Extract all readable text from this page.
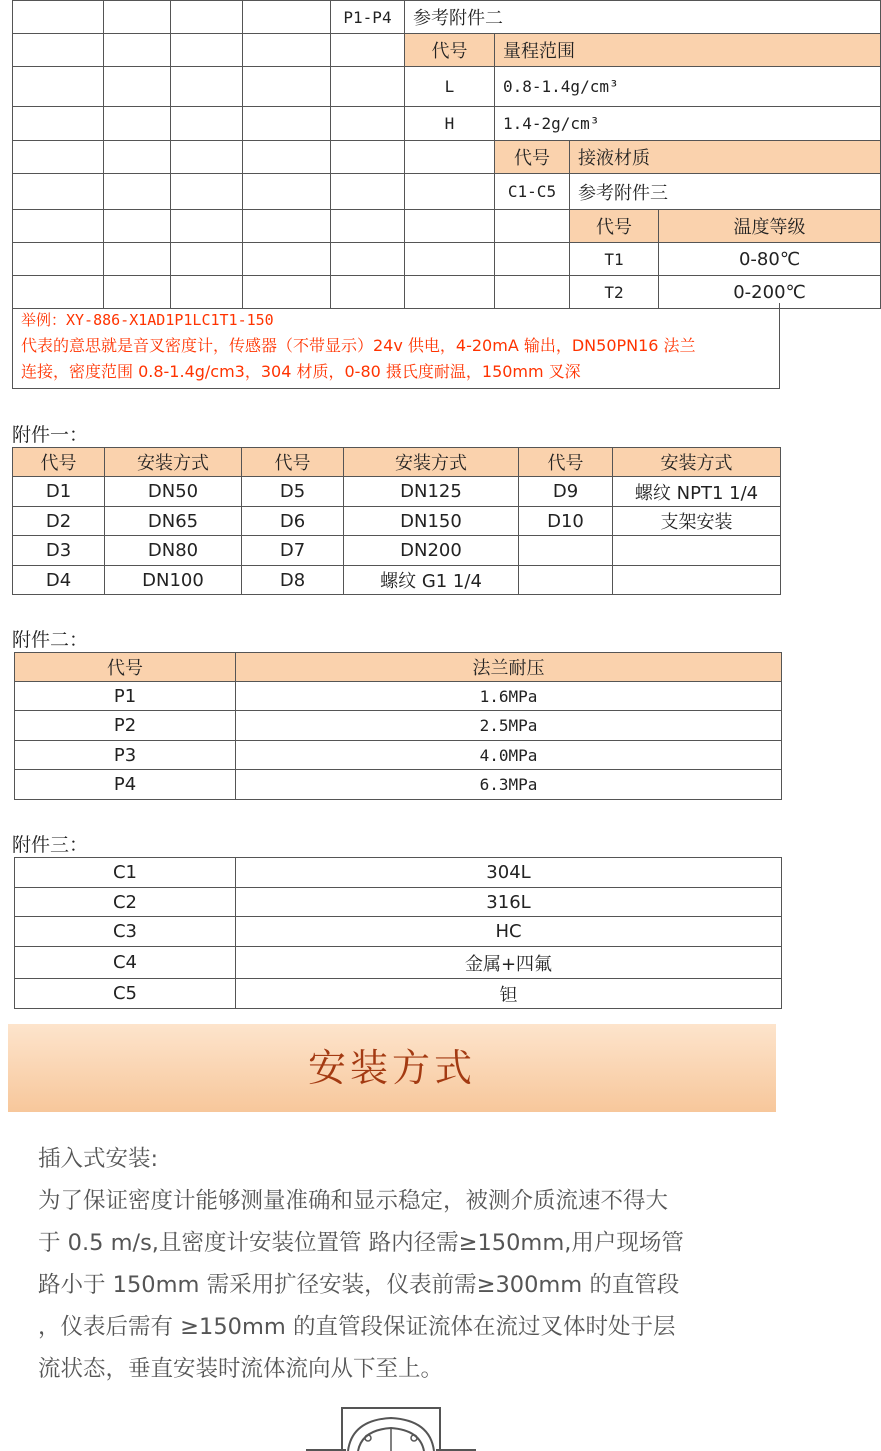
				P1-P4	参考附件二			
					代号	量程范围		
					L	0.8-1.4g/cm³		
					H	1.4-2g/cm³		
						代号	接液材质	
						C1-C5	参考附件三	
							代号	温度等级
							T1	0-80℃
							T2	0-200℃
举例：XY-886-X1AD1P1LC1T1-150
代表的意思就是音叉密度计，传感器（不带显示）24v 供电，4-20mA 输出，DN50PN16 法兰
连接，密度范围 0.8-1.4g/cm3，304 材质，0-80 摄氏度耐温，150mm 叉深
附件一：
代号	安装方式	代号	安装方式	代号	安装方式
D1	DN50	D5	DN125	D9	螺纹 NPT1 1/4
D2	DN65	D6	DN150	D10	支架安装
D3	DN80	D7	DN200		
D4	DN100	D8	螺纹 G1 1/4		
附件二：
代号	法兰耐压
P1	1.6MPa
P2	2.5MPa
P3	4.0MPa
P4	6.3MPa
附件三：
C1	304L
C2	316L
C3	HC
C4	金属+四氟
C5	钽
安装方式
插入式安装:
为了保证密度计能够测量准确和显示稳定，被测介质流速不得大
于 0.5 m/s,且密度计安装位置管 路内径需≥150mm,用户现场管
路小于 150mm 需采用扩径安装，仪表前需≥300mm 的直管段
，仪表后需有 ≥150mm 的直管段保证流体在流过叉体时处于层
流状态，垂直安装时流体流向从下至上。
